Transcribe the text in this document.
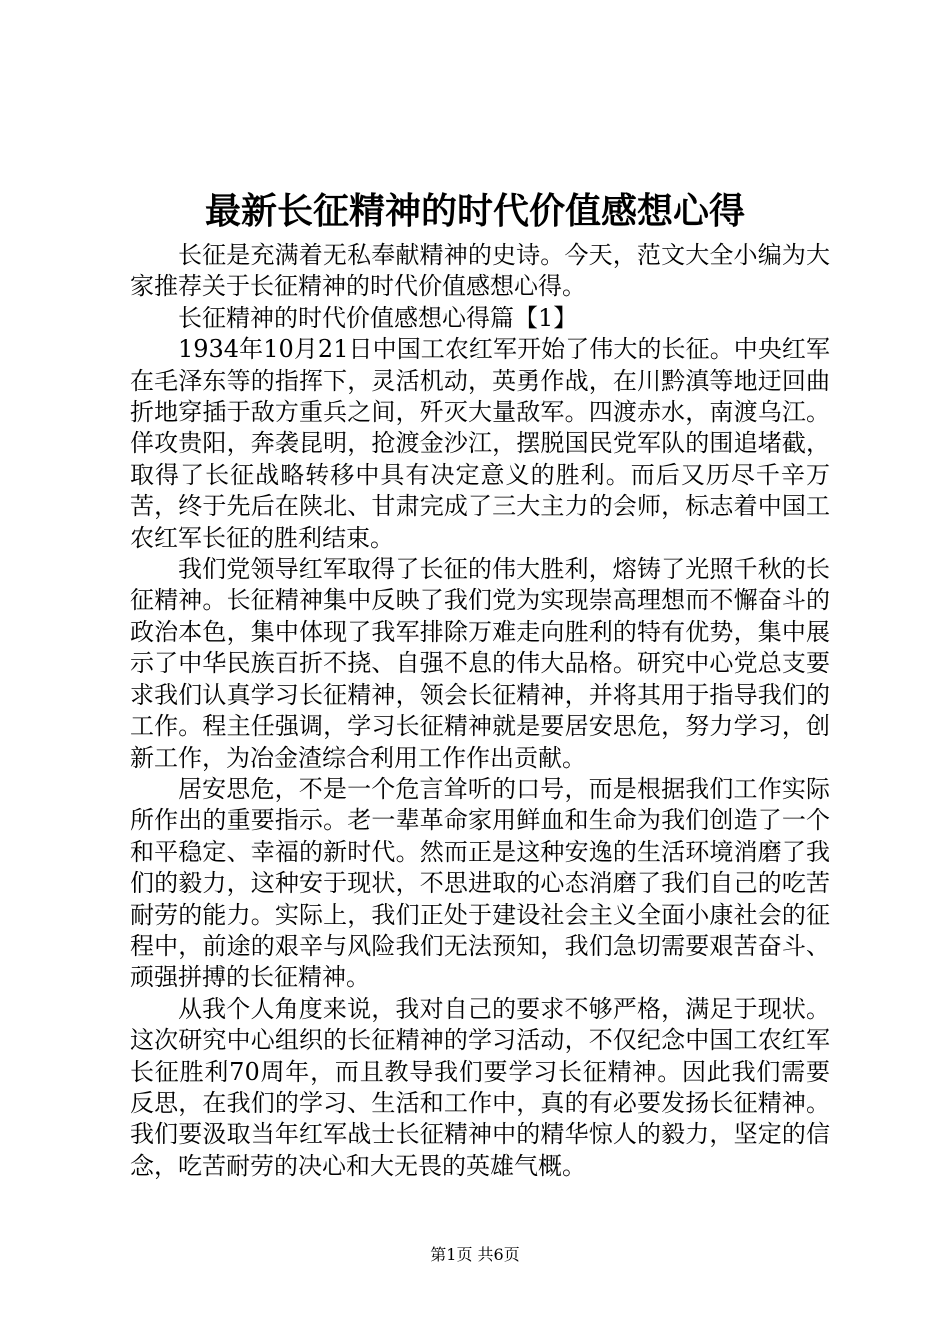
最新长征精神的时代价值感想心得

长征是充满着无私奉献精神的史诗。今天，范文大全小编为大家推荐关于长征精神的时代价值感想心得。

长征精神的时代价值感想心得篇【1】

1934年10月21日中国工农红军开始了伟大的长征。中央红军在毛泽东等的指挥下，灵活机动，英勇作战，在川黔滇等地迂回曲折地穿插于敌方重兵之间，歼灭大量敌军。四渡赤水，南渡乌江。佯攻贵阳，奔袭昆明，抢渡金沙江，摆脱国民党军队的围追堵截，取得了长征战略转移中具有决定意义的胜利。而后又历尽千辛万苦，终于先后在陕北、甘肃完成了三大主力的会师，标志着中国工农红军长征的胜利结束。

我们党领导红军取得了长征的伟大胜利，熔铸了光照千秋的长征精神。长征精神集中反映了我们党为实现崇高理想而不懈奋斗的政治本色，集中体现了我军排除万难走向胜利的特有优势，集中展示了中华民族百折不挠、自强不息的伟大品格。研究中心党总支要求我们认真学习长征精神，领会长征精神，并将其用于指导我们的工作。程主任强调，学习长征精神就是要居安思危，努力学习，创新工作，为冶金渣综合利用工作作出贡献。

居安思危，不是一个危言耸听的口号，而是根据我们工作实际所作出的重要指示。老一辈革命家用鲜血和生命为我们创造了一个和平稳定、幸福的新时代。然而正是这种安逸的生活环境消磨了我们的毅力，这种安于现状，不思进取的心态消磨了我们自己的吃苦耐劳的能力。实际上，我们正处于建设社会主义全面小康社会的征程中，前途的艰辛与风险我们无法预知，我们急切需要艰苦奋斗、顽强拼搏的长征精神。

从我个人角度来说，我对自己的要求不够严格，满足于现状。这次研究中心组织的长征精神的学习活动，不仅纪念中国工农红军长征胜利70周年，而且教导我们要学习长征精神。因此我们需要反思，在我们的学习、生活和工作中，真的有必要发扬长征精神。我们要汲取当年红军战士长征精神中的精华惊人的毅力，坚定的信念，吃苦耐劳的决心和大无畏的英雄气概。

第1页 共6页
